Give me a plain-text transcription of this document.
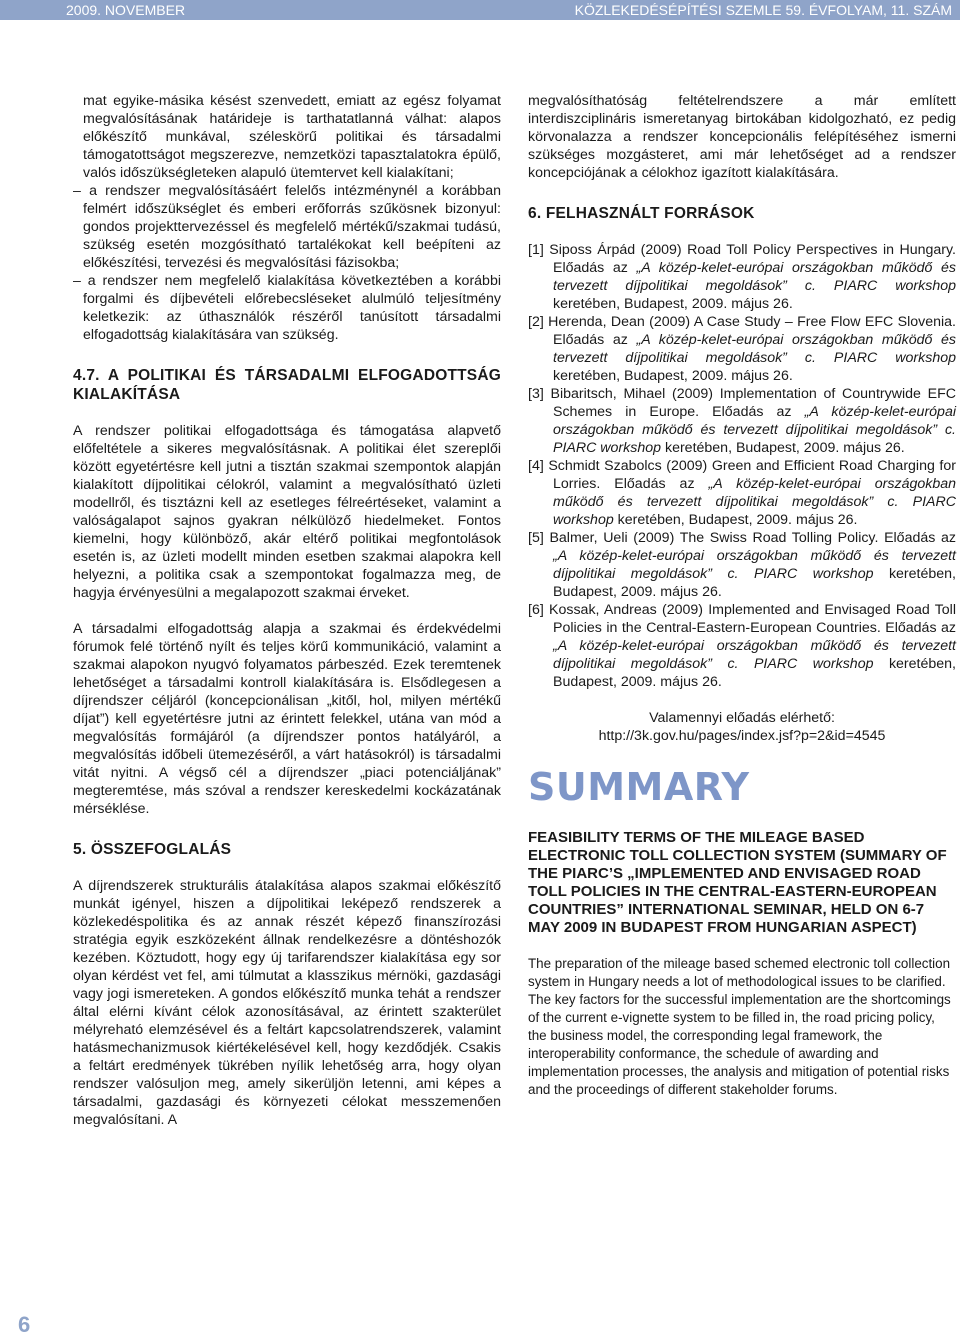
2009. NOVEMBER	KÖZLEKEDÉSÉPÍTÉSI SZEMLE 59. ÉVFOLYAM, 11. SZÁM

mat egyike-másika késést szenvedett, emiatt az egész folyamat megvalósításának határideje is tarthatatlanná válhat: alapos előkészítő munkával, széleskörű politikai és társadalmi támogatottságot megszerezve, nemzetközi tapasztalatokra épülő, valós időszükségleteken alapuló ütemtervet kell kialakítani;

– a rendszer megvalósításáért felelős intézménynél a korábban felmért időszükséglet és emberi erőforrás szűkösnek bizonyul: gondos projekttervezéssel és megfelelő mértékű/szakmai tudású, szükség esetén mozgósítható tartalékokat kell beépíteni az előkészítési, tervezési és megvalósítási fázisokba;

– a rendszer nem megfelelő kialakítása következtében a korábbi forgalmi és díjbevételi előrebecsléseket alulmúló teljesítmény keletkezik: az úthasználók részéről tanúsított társadalmi elfogadottság kialakítására van szükség.

4.7. A POLITIKAI ÉS TÁRSADALMI ELFOGADOTTSÁG KIALAKÍTÁSA

A rendszer politikai elfogadottsága és támogatása alapvető előfeltétele a sikeres megvalósításnak. A politikai élet szereplői között egyetértésre kell jutni a tisztán szakmai szempontok alapján kialakított díjpolitikai célokról, valamint a megvalósítható üzleti modellről, és tisztázni kell az esetleges félreértéseket, valamint a valóságalapot sajnos gyakran nélkülöző hiedelmeket. Fontos kiemelni, hogy különböző, akár eltérő politikai megfontolások esetén is, az üzleti modellt minden esetben szakmai alapokra kell helyezni, a politika csak a szempontokat fogalmazza meg, de hagyja érvényesülni a megalapozott szakmai érveket.

A társadalmi elfogadottság alapja a szakmai és érdekvédelmi fórumok felé történő nyílt és teljes körű kommunikáció, valamint a szakmai alapokon nyugvó folyamatos párbeszéd. Ezek teremtenek lehetőséget a társadalmi kontroll kialakítására is. Elsődlegesen a díjrendszer céljáról (koncepcionálisan „kitől, hol, milyen mértékű díjat”) kell egyetértésre jutni az érintett felekkel, utána van mód a megvalósítás formájáról (a díjrendszer pontos hatályáról, a megvalósítás időbeli ütemezéséről, a várt hatásokról) is társadalmi vitát nyitni. A végső cél a díjrendszer „piaci potenciáljának” megteremtése, más szóval a rendszer kereskedelmi kockázatának mérséklése.

5. ÖSSZEFOGLALÁS

A díjrendszerek strukturális átalakítása alapos szakmai előkészítő munkát igényel, hiszen a díjpolitikai leképező rendszerek a közlekedéspolitika és az annak részét képező finanszírozási stratégia egyik eszközeként állnak rendelkezésre a döntéshozók kezében. Köztudott, hogy egy új tarifarendszer kialakítása egy sor olyan kérdést vet fel, ami túlmutat a klasszikus mérnöki, gazdasági vagy jogi ismereteken. A gondos előkészítő munka tehát a rendszer által elérni kívánt célok azonosításával, az érintett szakterület mélyreható elemzésével és a feltárt kapcsolatrendszerek, valamint hatásmechanizmusok kiértékelésével kell, hogy kezdődjék. Csakis a feltárt eredmények tükrében nyílik lehetőség arra, hogy olyan rendszer valósuljon meg, amely sikerüljön letenni, ami képes a társadalmi, gazdasági és környezeti célokat messzemenően megvalósítani. A

megvalósíthatóság feltételrendszere a már említett interdiszciplináris ismeretanyag birtokában kidolgozható, ez pedig körvonalazza a rendszer koncepcionális felépítéséhez ismerni szükséges mozgásteret, ami már lehetőséget ad a rendszer koncepciójának a célokhoz igazított kialakítására.

6. FELHASZNÁLT FORRÁSOK

[1] Siposs Árpád (2009) Road Toll Policy Perspectives in Hungary. Előadás az „A közép-kelet-európai országokban működő és tervezett díjpolitikai megoldások” c. PIARC workshop keretében, Budapest, 2009. május 26.

[2] Herenda, Dean (2009) A Case Study – Free Flow EFC Slovenia. Előadás az „A közép-kelet-európai országokban működő és tervezett díjpolitikai megoldások” c. PIARC workshop keretében, Budapest, 2009. május 26.

[3] Bibaritsch, Mihael (2009) Implementation of Countrywide EFC Schemes in Europe. Előadás az „A közép-kelet-európai országokban működő és tervezett díjpolitikai megoldások” c. PIARC workshop keretében, Budapest, 2009. május 26.

[4] Schmidt Szabolcs (2009) Green and Efficient Road Charging for Lorries. Előadás az „A közép-kelet-európai országokban működő és tervezett díjpolitikai megoldások” c. PIARC workshop keretében, Budapest, 2009. május 26.

[5] Balmer, Ueli (2009) The Swiss Road Tolling Policy. Előadás az „A közép-kelet-európai országokban működő és tervezett díjpolitikai megoldások” c. PIARC workshop keretében, Budapest, 2009. május 26.

[6] Kossak, Andreas (2009) Implemented and Envisaged Road Toll Policies in the Central-Eastern-European Countries. Előadás az „A közép-kelet-európai országokban működő és tervezett díjpolitikai megoldások” c. PIARC workshop keretében, Budapest, 2009. május 26.

Valamennyi előadás elérhető:

http://3k.gov.hu/pages/index.jsf?p=2&id=4545

SUMMARY

FEASIBILITY TERMS OF THE MILEAGE BASED ELECTRONIC TOLL COLLECTION SYSTEM (SUMMARY OF THE PIARC’S „IMPLEMENTED AND ENVISAGED ROAD TOLL POLICIES IN THE CENTRAL-EASTERN-EUROPEAN COUNTRIES” INTERNATIONAL SEMINAR, HELD ON 6-7 MAY 2009 IN BUDAPEST FROM HUNGARIAN ASPECT)

The preparation of the mileage based schemed electronic toll collection system in Hungary needs a lot of methodological issues to be clarified. The key factors for the successful implementation are the shortcomings of the current e-vignette system to be filled in, the road pricing policy, the business model, the corresponding legal framework, the interoperability conformance, the schedule of awarding and implementation processes, the analysis and mitigation of potential risks and the proceedings of different stakeholder forums.

6
